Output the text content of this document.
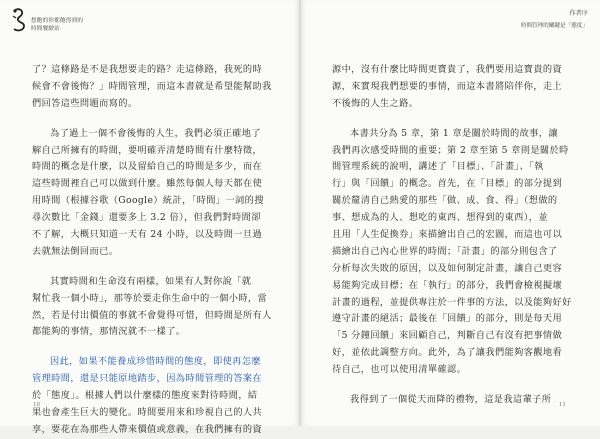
想飽的你都飽得到的
時間餐駛站
了？這條路是不是我想要走的路？走這條路，我死的時
候會不會後悔？」時間管理，而這本書就是希望能幫助我
們回答這些問題而寫的。
為了過上一個不會後悔的人生，我們必須正確地了
解自己所擁有的時間，要明確弄清楚時間有什麼特徵，
時間的概念是什麼，以及留給自己的時間是多少，而在
這些時間裡自己可以做到什麼。雖然每個人每天都在使
用時間（根據谷歌（Google）統計，「時間」一詞的搜
尋次數比「金錢」還要多上 3.2 倍），但我們對時間卻
不了解，大概只知道一天有 24 小時，以及時間一旦過
去就無法倒回而已。
其實時間和生命沒有兩樣，如果有人對你說「就
幫忙我一個小時」，那等於要走你生命中的一個小時，當
然，若是付出價值的事就不會覺得可惜，但時間是所有人
都能夠的事情，那情況就不一樣了。
因此，如果不能養成珍惜時間的態度，即使再怎麼
管理時間，還是只能原地踏步，因為時間管理的答案在
於「態度」。根據人們以什麼樣的態度來對待時間，結
果也會產生巨大的變化。時間要用來和珍視自己的人共
享，要花在為那些人帶來價值或意義，在我們擁有的資
10
作者序
時間管理的關鍵是「態度」
源中，沒有什麼比時間更寶貴了，我們要用這寶貴的資
源，來實現我們想要的事情，而這本書將陪伴你，走上
不後悔的人生之路。
本書共分為 5 章，第 1 章是關於時間的故事，讓
我們再次感受時間的重要；第 2 章至第 5 章則是關於時
間管理系統的說明，講述了「目標」、「計畫」、「執
行」與「回饋」的概念。首先，在「目標」的部分提到
關於釐清自己熱愛的那些「做、成、食、得」（想做的
事、想成為的人、想吃的東西、想得到的東西），並
且用「人生促換券」來描繪出自己的宏圖，而這也可以
描繪出自己內心世界的時間；「計畫」的部分則包含了
分析每次失敗的原因，以及如何制定計畫，讓自己更容
易能夠完成目標；在「執行」的部分，我們會檢視擬壞
計畫的過程，並提供專注於一件事的方法，以及能夠好好
遵守計畫的絕活；最後在「回饋」的部分，則是每天用
「5 分鐘回饋」來回顧自己，判斷自己有沒有把事情做
好，並依此調整方向。此外，為了讓我們能夠客觀地看
待自己，也可以使用清單確認。
我得到了一個從天而降的禮物，這是我這輩子所	11
